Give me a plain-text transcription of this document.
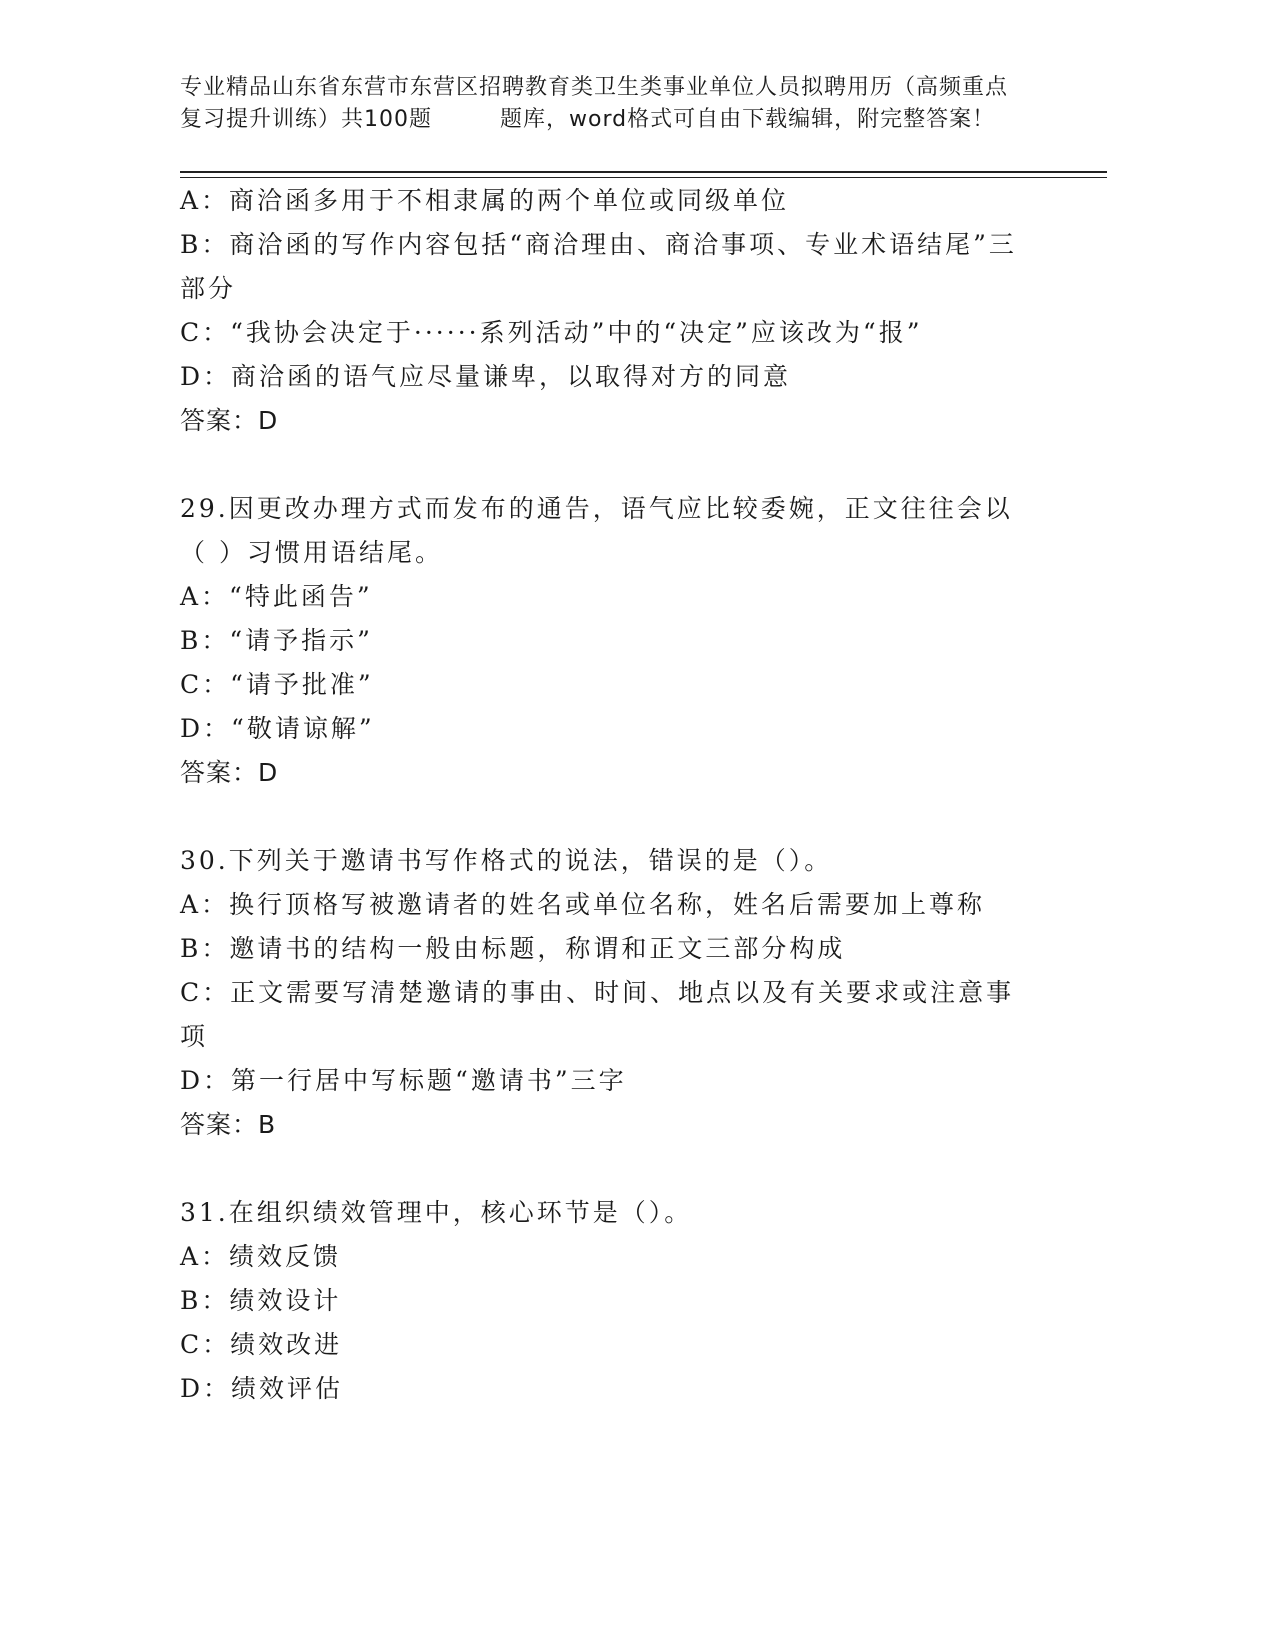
专业精品山东省东营市东营区招聘教育类卫生类事业单位人员拟聘用历（高频重点
复习提升训练）共100题	题库，word格式可自由下载编辑，附完整答案！

A：商洽函多用于不相隶属的两个单位或同级单位

B：商洽函的写作内容包括“商洽理由、商洽事项、专业术语结尾”三部分

C：“我协会决定于······系列活动”中的“决定”应该改为“报”

D：商洽函的语气应尽量谦卑，以取得对方的同意

答案：D

29.因更改办理方式而发布的通告，语气应比较委婉，正文往往会以（ ）习惯用语结尾。

A：“特此函告”

B：“请予指示”

C：“请予批准”

D：“敬请谅解”

答案：D

30.下列关于邀请书写作格式的说法，错误的是（）。

A：换行顶格写被邀请者的姓名或单位名称，姓名后需要加上尊称

B：邀请书的结构一般由标题，称谓和正文三部分构成

C：正文需要写清楚邀请的事由、时间、地点以及有关要求或注意事项

D：第一行居中写标题“邀请书”三字

答案：B

31.在组织绩效管理中，核心环节是（）。

A：绩效反馈

B：绩效设计

C：绩效改进

D：绩效评估
